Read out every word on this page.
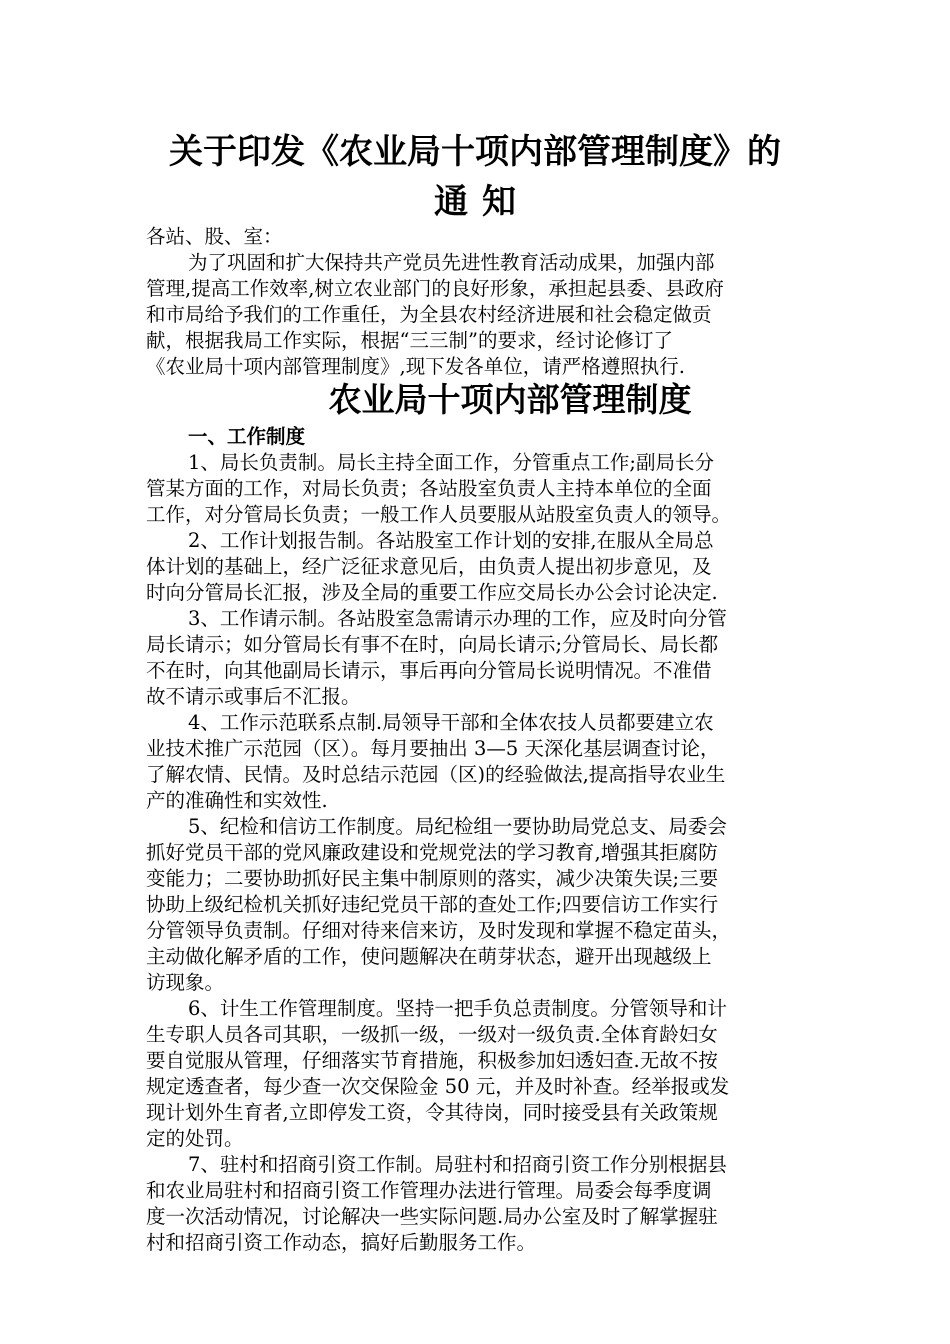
关于印发《农业局十项内部管理制度》的
通知
各站、股、室：
为了巩固和扩大保持共产党员先进性教育活动成果，加强内部
管理,提高工作效率,树立农业部门的良好形象，承担起县委、县政府
和市局给予我们的工作重任，为全县农村经济进展和社会稳定做贡
献，根据我局工作实际，根据“三三制”的要求，经讨论修订了
《农业局十项内部管理制度》,现下发各单位，请严格遵照执行.
农业局十项内部管理制度
一、工作制度
1、局长负责制。局长主持全面工作，分管重点工作;副局长分
管某方面的工作，对局长负责；各站股室负责人主持本单位的全面
工作，对分管局长负责；一般工作人员要服从站股室负责人的领导。
2、工作计划报告制。各站股室工作计划的安排,在服从全局总
体计划的基础上，经广泛征求意见后，由负责人提出初步意见，及
时向分管局长汇报，涉及全局的重要工作应交局长办公会讨论决定.
3、工作请示制。各站股室急需请示办理的工作，应及时向分管
局长请示；如分管局长有事不在时，向局长请示;分管局长、局长都
不在时，向其他副局长请示，事后再向分管局长说明情况。不准借
故不请示或事后不汇报。
4、工作示范联系点制.局领导干部和全体农技人员都要建立农
业技术推广示范园（区）。每月要抽出 3—5 天深化基层调查讨论，
了解农情、民情。及时总结示范园（区)的经验做法,提高指导农业生
产的准确性和实效性.
5、纪检和信访工作制度。局纪检组一要协助局党总支、局委会
抓好党员干部的党风廉政建设和党规党法的学习教育,增强其拒腐防
变能力；二要协助抓好民主集中制原则的落实，减少决策失误;三要
协助上级纪检机关抓好违纪党员干部的查处工作;四要信访工作实行
分管领导负责制。仔细对待来信来访，及时发现和掌握不稳定苗头，
主动做化解矛盾的工作，使问题解决在萌芽状态，避开出现越级上
访现象。
6、计生工作管理制度。坚持一把手负总责制度。分管领导和计
生专职人员各司其职，一级抓一级，一级对一级负责.全体育龄妇女
要自觉服从管理，仔细落实节育措施，积极参加妇透妇查.无故不按
规定透查者，每少查一次交保险金 50 元，并及时补查。经举报或发
现计划外生育者,立即停发工资，令其待岗，同时接受县有关政策规
定的处罚。
7、驻村和招商引资工作制。局驻村和招商引资工作分别根据县
和农业局驻村和招商引资工作管理办法进行管理。局委会每季度调
度一次活动情况，讨论解决一些实际问题.局办公室及时了解掌握驻
村和招商引资工作动态，搞好后勤服务工作。
